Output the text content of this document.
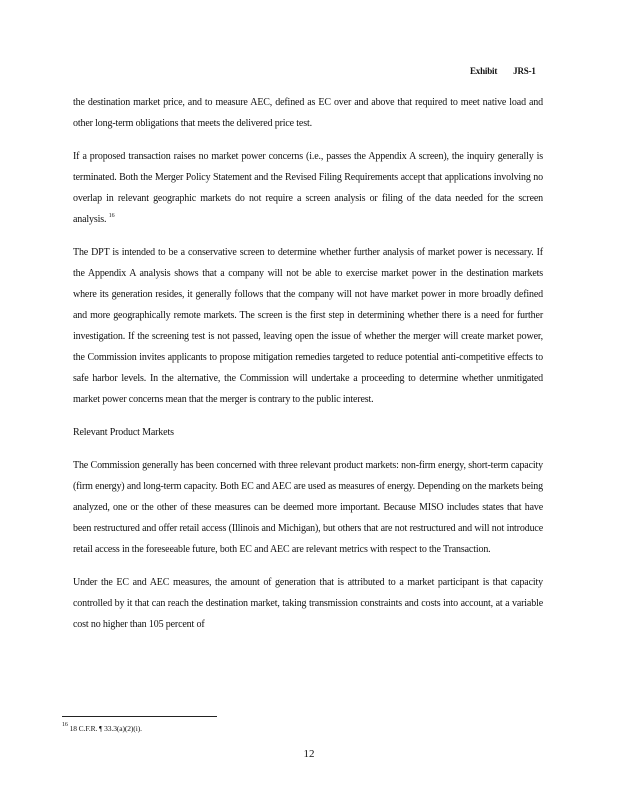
Exhibit JRS-1

the destination market price, and to measure AEC, defined as EC over and above that required to meet native load and other long-term obligations that meets the delivered price test.

If a proposed transaction raises no market power concerns (i.e., passes the Appendix A screen), the inquiry generally is terminated. Both the Merger Policy Statement and the Revised Filing Requirements accept that applications involving no overlap in relevant geographic markets do not require a screen analysis or filing of the data needed for the screen analysis. $^{16}$

The DPT is intended to be a conservative screen to determine whether further analysis of market power is necessary. If the Appendix A analysis shows that a company will not be able to exercise market power in the destination markets where its generation resides, it generally follows that the company will not have market power in more broadly defined and more geographically remote markets. The screen is the first step in determining whether there is a need for further investigation. If the screening test is not passed, leaving open the issue of whether the merger will create market power, the Commission invites applicants to propose mitigation remedies targeted to reduce potential anti-competitive effects to safe harbor levels. In the alternative, the Commission will undertake a proceeding to determine whether unmitigated market power concerns mean that the merger is contrary to the public interest.

Relevant Product Markets

The Commission generally has been concerned with three relevant product markets: non-firm energy, short-term capacity (firm energy) and long-term capacity. Both EC and AEC are used as measures of energy. Depending on the markets being analyzed, one or the other of these measures can be deemed more important. Because MISO includes states that have been restructured and offer retail access (Illinois and Michigan), but others that are not restructured and will not introduce retail access in the foreseeable future, both EC and AEC are relevant metrics with respect to the Transaction.

Under the EC and AEC measures, the amount of generation that is attributed to a market participant is that capacity controlled by it that can reach the destination market, taking transmission constraints and costs into account, at a variable cost no higher than 105 percent of

$^{16}$ 18 C.F.R. ¶ 33.3(a)(2)(i).
12
